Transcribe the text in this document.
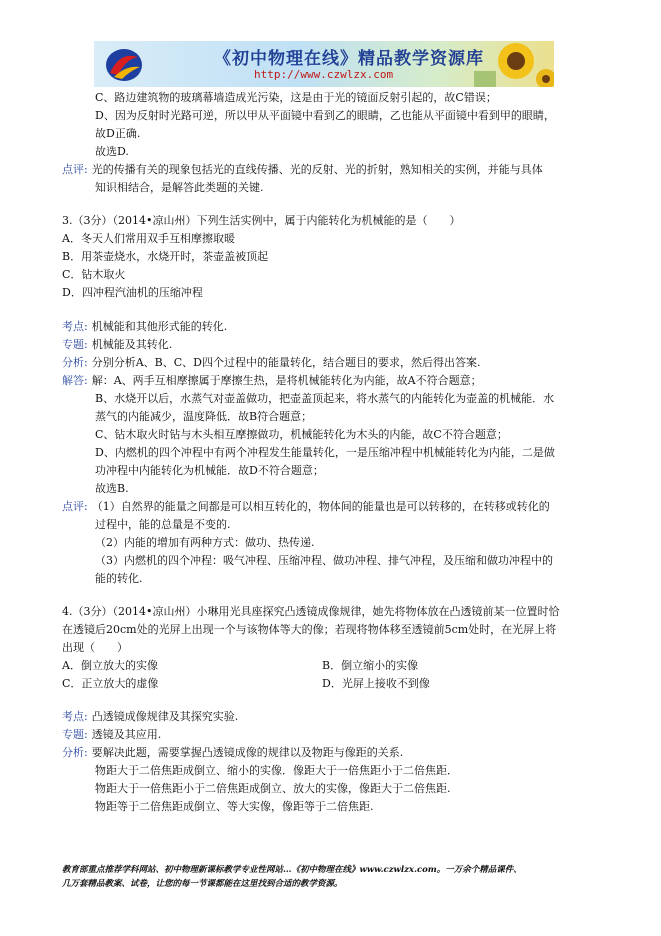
《初中物理在线》精品教学资源库
http://www.czwlzx.com
C、路边建筑物的玻璃幕墙造成光污染，这是由于光的镜面反射引起的，故C错误；
D、因为反射时光路可逆，所以甲从平面镜中看到乙的眼睛，乙也能从平面镜中看到甲的眼睛，
故D正确.
故选D.
点评: 光的传播有关的现象包括光的直线传播、光的反射、光的折射，熟知相关的实例，并能与具体
知识相结合，是解答此类题的关键.
3.（3分）（2014•凉山州）下列生活实例中，属于内能转化为机械能的是（　　）
A．冬天人们常用双手互相摩擦取暖
B．用茶壶烧水，水烧开时，茶壶盖被顶起
C．钻木取火
D．四冲程汽油机的压缩冲程
考点: 机械能和其他形式能的转化.
专题: 机械能及其转化.
分析: 分别分析A、B、C、D四个过程中的能量转化，结合题目的要求，然后得出答案.
解答: 解：A、两手互相摩擦属于摩擦生热，是将机械能转化为内能，故A不符合题意；
B、水烧开以后，水蒸气对壶盖做功，把壶盖顶起来，将水蒸气的内能转化为壶盖的机械能．水
蒸气的内能减少，温度降低．故B符合题意；
C、钻木取火时钻与木头相互摩擦做功，机械能转化为木头的内能，故C不符合题意；
D、内燃机的四个冲程中有两个冲程发生能量转化，一是压缩冲程中机械能转化为内能，二是做
功冲程中内能转化为机械能．故D不符合题意；
故选B.
点评: （1）自然界的能量之间都是可以相互转化的，物体间的能量也是可以转移的，在转移或转化的
过程中，能的总量是不变的.
（2）内能的增加有两种方式：做功、热传递.
（3）内燃机的四个冲程：吸气冲程、压缩冲程、做功冲程、排气冲程，及压缩和做功冲程中的
能的转化.
4.（3分）（2014•凉山州）小琳用光具座探究凸透镜成像规律，她先将物体放在凸透镜前某一位置时恰
在透镜后20cm处的光屏上出现一个与该物体等大的像；若现将物体移至透镜前5cm处时，在光屏上将
出现（　　）
A．倒立放大的实像	B．倒立缩小的实像
C．正立放大的虚像	D．光屏上接收不到像
考点: 凸透镜成像规律及其探究实验.
专题: 透镜及其应用.
分析: 要解决此题，需要掌握凸透镜成像的规律以及物距与像距的关系.
物距大于二倍焦距成倒立、缩小的实像．像距大于一倍焦距小于二倍焦距．
物距大于一倍焦距小于二倍焦距成倒立、放大的实像，像距大于二倍焦距.
物距等于二倍焦距成倒立、等大实像，像距等于二倍焦距.
教育部重点推荐学科网站、初中物理新课标教学专业性网站…《初中物理在线》www.czwlzx.com。一万余个精品课件、
几万套精品教案、试卷，让您的每一节课都能在这里找到合适的教学资源。
